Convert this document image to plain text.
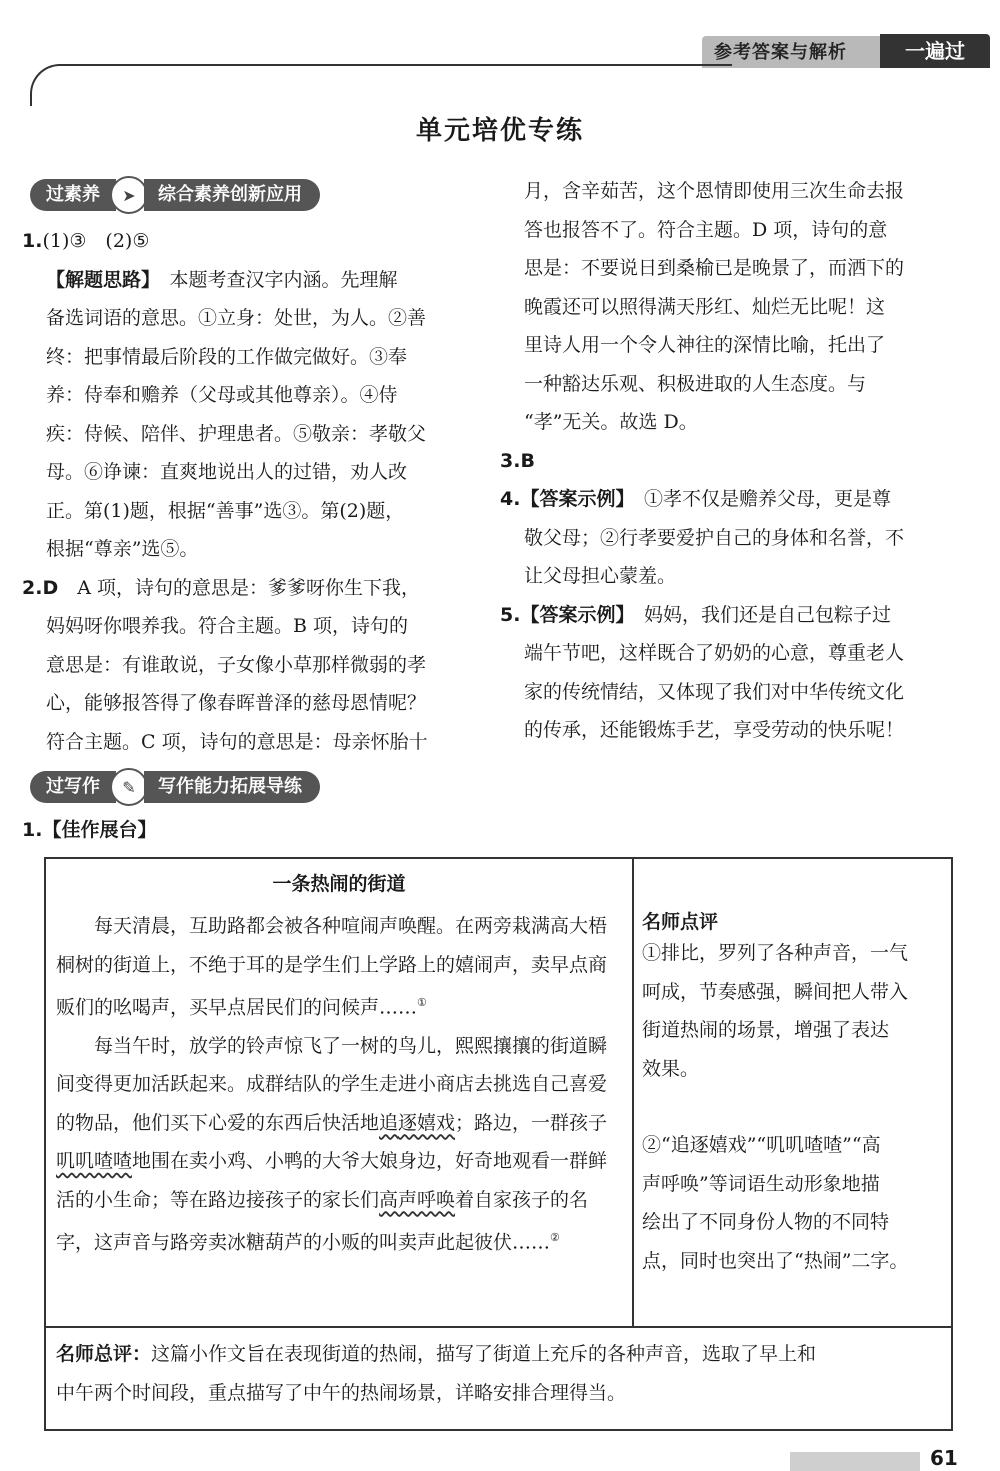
参考答案与解析	一遍过
单元培优专练
过素养	➤	综合素养创新应用

1.(1)③　(2)⑤

【解题思路】　 本题考查汉字内涵。先理解

备选词语的意思。①立身：处世，为人。②善

终：把事情最后阶段的工作做完做好。③奉

养：侍奉和赡养（父母或其他尊亲）。④侍

疾：侍候、陪伴、护理患者。⑤敬亲：孝敬父

母。⑥诤谏：直爽地说出人的过错，劝人改

正。第(1)题，根据“善事”选③。第(2)题，

根据“尊亲”选⑤。

2.D　 A 项，诗句的意思是：爹爹呀你生下我，

妈妈呀你喂养我。符合主题。B 项，诗句的

意思是：有谁敢说，子女像小草那样微弱的孝

心，能够报答得了像春晖普泽的慈母恩情呢？

符合主题。C 项，诗句的意思是：母亲怀胎十

月，含辛茹苦，这个恩情即使用三次生命去报

答也报答不了。符合主题。D 项，诗句的意

思是：不要说日到桑榆已是晚景了，而洒下的

晚霞还可以照得满天彤红、灿烂无比呢！这

里诗人用一个令人神往的深情比喻，托出了

一种豁达乐观、积极进取的人生态度。与

“孝”无关。故选 D。

3.B

4.【答案示例】　 ①孝不仅是赡养父母，更是尊

敬父母；②行孝要爱护自己的身体和名誉，不

让父母担心蒙羞。

5.【答案示例】　 妈妈，我们还是自己包粽子过

端午节吧，这样既合了奶奶的心意，尊重老人

家的传统情结，又体现了我们对中华传统文化

的传承，还能锻炼手艺，享受劳动的快乐呢！

过写作	✎	写作能力拓展导练

1.【佳作展台】

一条热闹的街道

每天清晨，互助路都会被各种喧闹声唤醒。在两旁栽满高大梧桐树的街道上，不绝于耳的是学生们上学路上的嬉闹声，卖早点商贩们的吆喝声，买早点居民们的问候声……①

每当午时，放学的铃声惊飞了一树的鸟儿，熙熙攘攘的街道瞬间变得更加活跃起来。成群结队的学生走进小商店去挑选自己喜爱的物品，他们买下心爱的东西后快活地追逐嬉戏；路边，一群孩子叽叽喳喳地围在卖小鸡、小鸭的大爷大娘身边，好奇地观看一群鲜活的小生命；等在路边接孩子的家长们高声呼唤着自家孩子的名字，这声音与路旁卖冰糖葫芦的小贩的叫卖声此起彼伏……②

名师点评

①排比，罗列了各种声音，一气

呵成，节奏感强，瞬间把人带入

街道热闹的场景，增强了表达

效果。

②“追逐嬉戏”“叽叽喳喳”“高

声呼唤”等词语生动形象地描

绘出了不同身份人物的不同特

点，同时也突出了“热闹”二字。

名师总评：这篇小作文旨在表现街道的热闹，描写了街道上充斥的各种声音，选取了早上和
中午两个时间段，重点描写了中午的热闹场景，详略安排合理得当。
61
